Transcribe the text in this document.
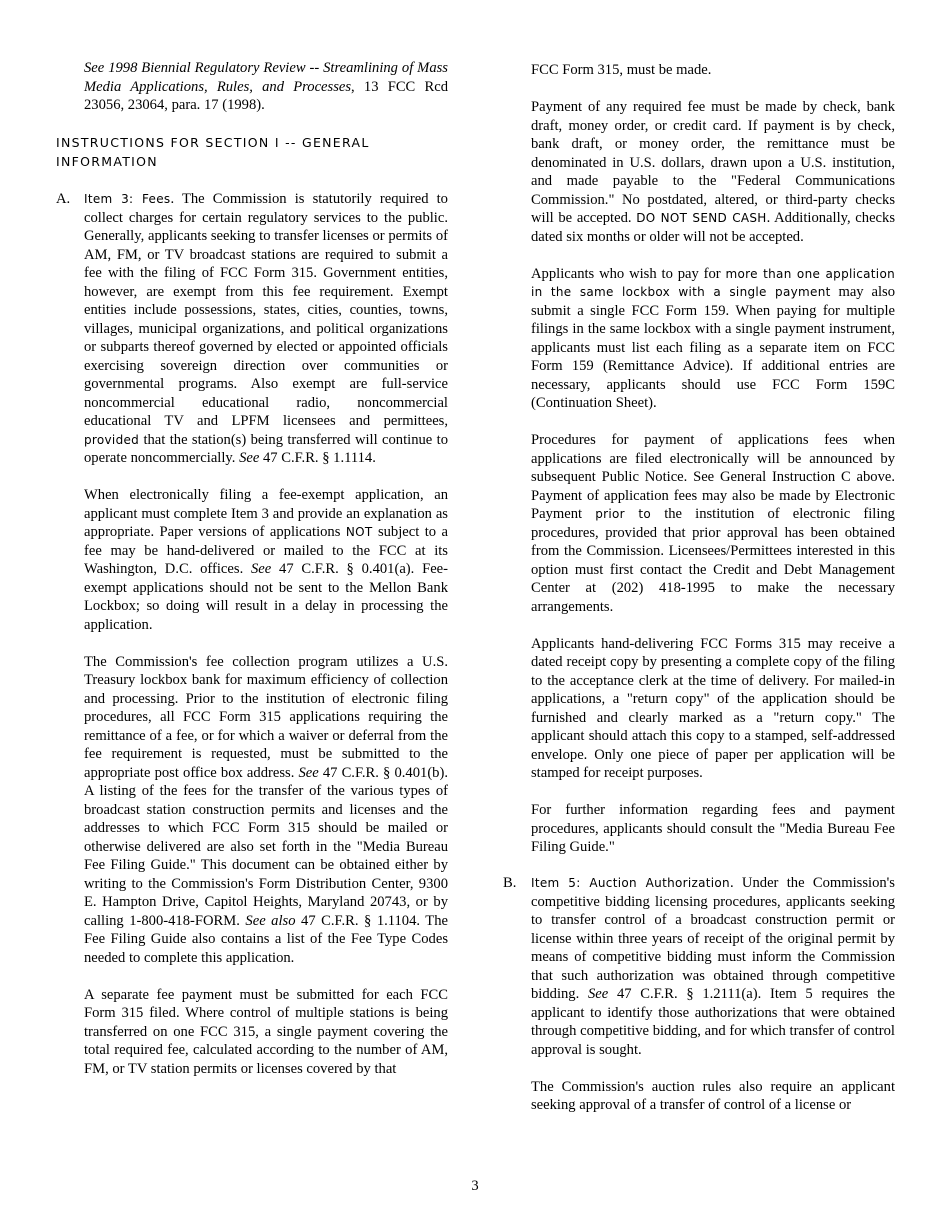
See 1998 Biennial Regulatory Review -- Streamlining of Mass Media Applications, Rules, and Processes, 13 FCC Rcd 23056, 23064, para. 17 (1998).

INSTRUCTIONS FOR SECTION I -- GENERAL INFORMATION
A. Item 3: Fees. The Commission is statutorily required to collect charges for certain regulatory services to the public. Generally, applicants seeking to transfer licenses or permits of AM, FM, or TV broadcast stations are required to submit a fee with the filing of FCC Form 315. Government entities, however, are exempt from this fee requirement. Exempt entities include possessions, states, cities, counties, towns, villages, municipal organizations, and political organizations or subparts thereof governed by elected or appointed officials exercising sovereign direction over communities or governmental programs. Also exempt are full-service noncommercial educational radio, noncommercial educational TV and LPFM licensees and permittees, provided that the station(s) being transferred will continue to operate noncommercially. See 47 C.F.R. § 1.1114.

When electronically filing a fee-exempt application, an applicant must complete Item 3 and provide an explanation as appropriate. Paper versions of applications NOT subject to a fee may be hand-delivered or mailed to the FCC at its Washington, D.C. offices. See 47 C.F.R. § 0.401(a). Fee-exempt applications should not be sent to the Mellon Bank Lockbox; so doing will result in a delay in processing the application.

The Commission's fee collection program utilizes a U.S. Treasury lockbox bank for maximum efficiency of collection and processing. Prior to the institution of electronic filing procedures, all FCC Form 315 applications requiring the remittance of a fee, or for which a waiver or deferral from the fee requirement is requested, must be submitted to the appropriate post office box address. See 47 C.F.R. § 0.401(b). A listing of the fees for the transfer of the various types of broadcast station construction permits and licenses and the addresses to which FCC Form 315 should be mailed or otherwise delivered are also set forth in the "Media Bureau Fee Filing Guide." This document can be obtained either by writing to the Commission's Form Distribution Center, 9300 E. Hampton Drive, Capitol Heights, Maryland 20743, or by calling 1-800-418-FORM. See also 47 C.F.R. § 1.1104. The Fee Filing Guide also contains a list of the Fee Type Codes needed to complete this application.

A separate fee payment must be submitted for each FCC Form 315 filed. Where control of multiple stations is being transferred on one FCC 315, a single payment covering the total required fee, calculated according to the number of AM, FM, or TV station permits or licenses covered by that

FCC Form 315, must be made.

Payment of any required fee must be made by check, bank draft, money order, or credit card. If payment is by check, bank draft, or money order, the remittance must be denominated in U.S. dollars, drawn upon a U.S. institution, and made payable to the "Federal Communications Commission." No postdated, altered, or third-party checks will be accepted. DO NOT SEND CASH. Additionally, checks dated six months or older will not be accepted.

Applicants who wish to pay for more than one application in the same lockbox with a single payment may also submit a single FCC Form 159. When paying for multiple filings in the same lockbox with a single payment instrument, applicants must list each filing as a separate item on FCC Form 159 (Remittance Advice). If additional entries are necessary, applicants should use FCC Form 159C (Continuation Sheet).

Procedures for payment of applications fees when applications are filed electronically will be announced by subsequent Public Notice. See General Instruction C above. Payment of application fees may also be made by Electronic Payment prior to the institution of electronic filing procedures, provided that prior approval has been obtained from the Commission. Licensees/Permittees interested in this option must first contact the Credit and Debt Management Center at (202) 418-1995 to make the necessary arrangements.

Applicants hand-delivering FCC Forms 315 may receive a dated receipt copy by presenting a complete copy of the filing to the acceptance clerk at the time of delivery. For mailed-in applications, a "return copy" of the application should be furnished and clearly marked as a "return copy." The applicant should attach this copy to a stamped, self-addressed envelope. Only one piece of paper per application will be stamped for receipt purposes.

For further information regarding fees and payment procedures, applicants should consult the "Media Bureau Fee Filing Guide."

B. Item 5: Auction Authorization. Under the Commission's competitive bidding licensing procedures, applicants seeking to transfer control of a broadcast construction permit or license within three years of receipt of the original permit by means of competitive bidding must inform the Commission that such authorization was obtained through competitive bidding. See 47 C.F.R. § 1.2111(a). Item 5 requires the applicant to identify those authorizations that were obtained through competitive bidding, and for which transfer of control approval is sought.

The Commission's auction rules also require an applicant seeking approval of a transfer of control of a license or

3
